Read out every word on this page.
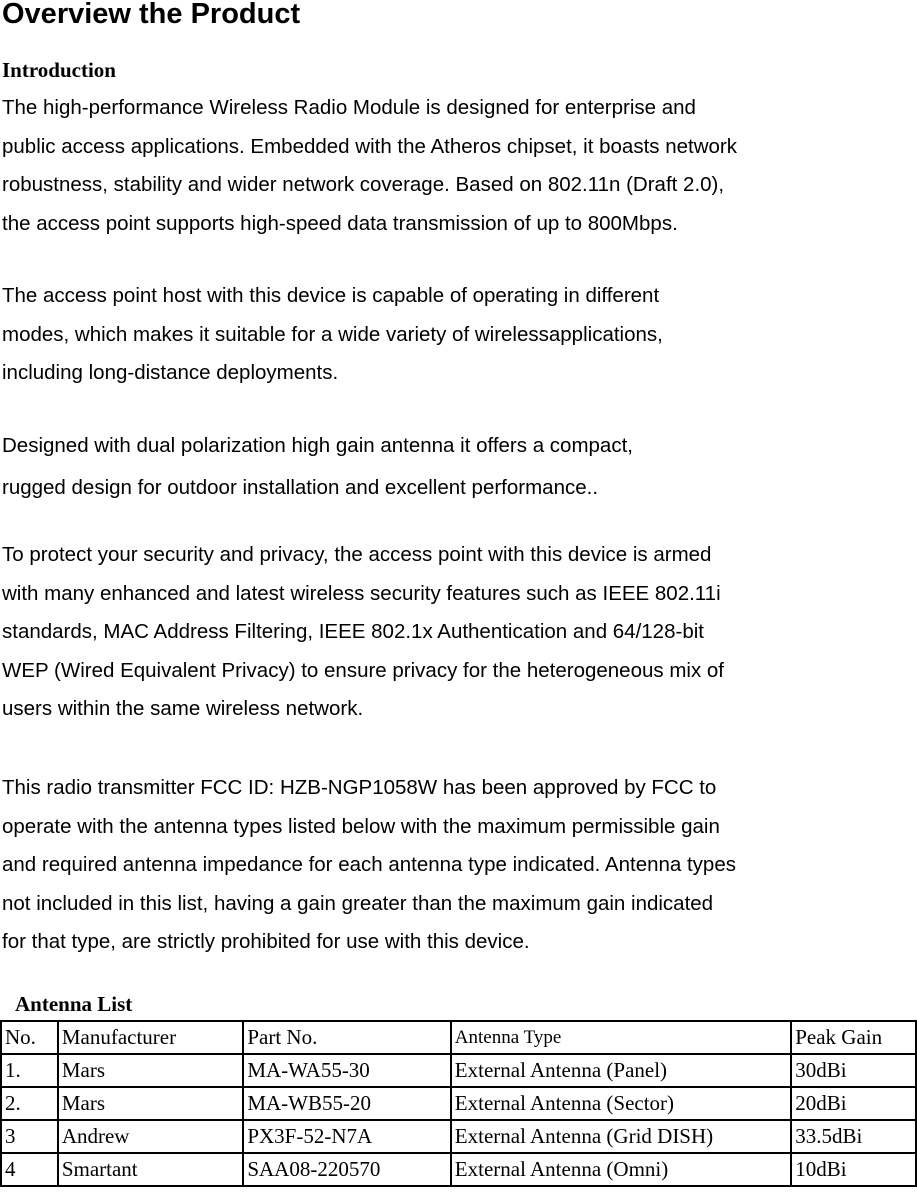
Overview the Product
Introduction
The high-performance Wireless Radio Module is designed for enterprise and
public access applications. Embedded with the Atheros chipset, it boasts network
robustness, stability and wider network coverage. Based on 802.11n (Draft 2.0),
the access point supports high-speed data transmission of up to 800Mbps.
The access point host with this device is capable of operating in different
modes, which makes it suitable for a wide variety of wirelessapplications,
including long-distance deployments.
Designed with dual polarization high gain antenna it offers a compact,
rugged design for outdoor installation and excellent performance..
To protect your security and privacy, the access point with this device is armed
with many enhanced and latest wireless security features such as IEEE 802.11i
standards, MAC Address Filtering, IEEE 802.1x Authentication and 64/128-bit
WEP (Wired Equivalent Privacy) to ensure privacy for the heterogeneous mix of
users within the same wireless network.
This radio transmitter FCC ID: HZB-NGP1058W has been approved by FCC to
operate with the antenna types listed below with the maximum permissible gain
and required antenna impedance for each antenna type indicated. Antenna types
not included in this list, having a gain greater than the maximum gain indicated
for that type, are strictly prohibited for use with this device.
Antenna List
No.	Manufacturer	Part No.	Antenna Type	Peak Gain
1.	Mars	MA-WA55-30	External Antenna (Panel)	30dBi
2.	Mars	MA-WB55-20	External Antenna (Sector)	20dBi
3	Andrew	PX3F-52-N7A	External Antenna (Grid DISH)	33.5dBi
4	Smartant	SAA08-220570	External Antenna (Omni)	10dBi
